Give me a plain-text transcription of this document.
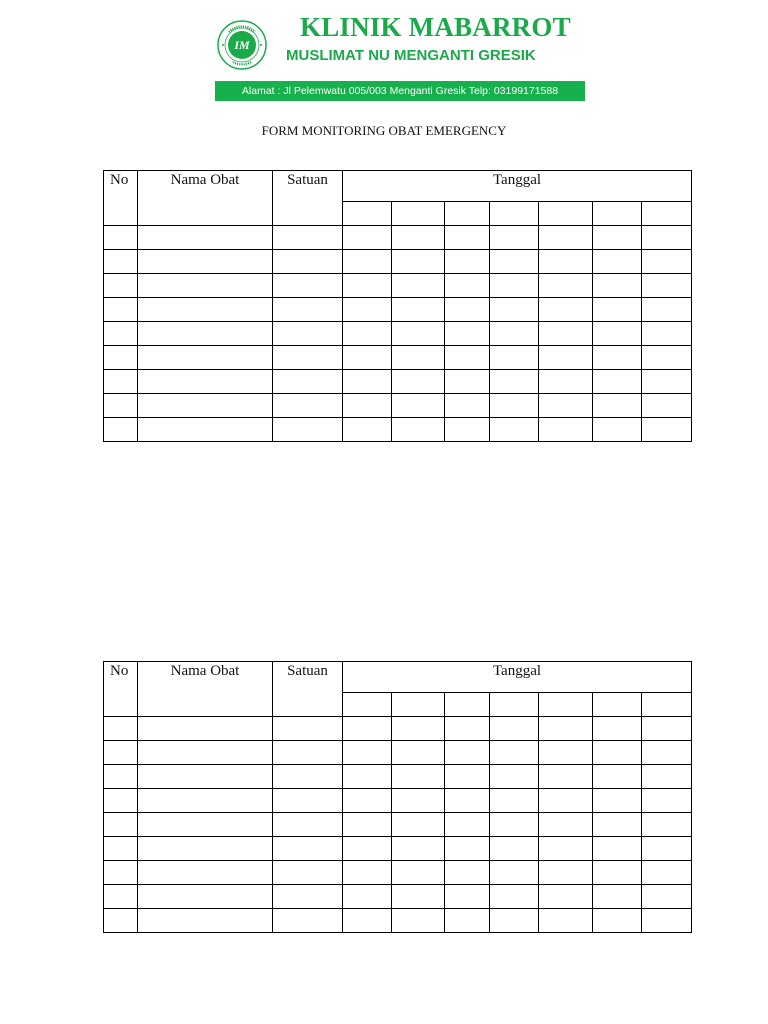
IM
KLINIK MABARROT
MUSLIMAT NU MENGANTI GRESIK
Alamat : Jl Pelemwatu 005/003 Menganti Gresik Telp: 03199171588
FORM MONITORING OBAT EMERGENCY
No	Nama Obat	Satuan	Tanggal						

No	Nama Obat	Satuan	Tanggal						
